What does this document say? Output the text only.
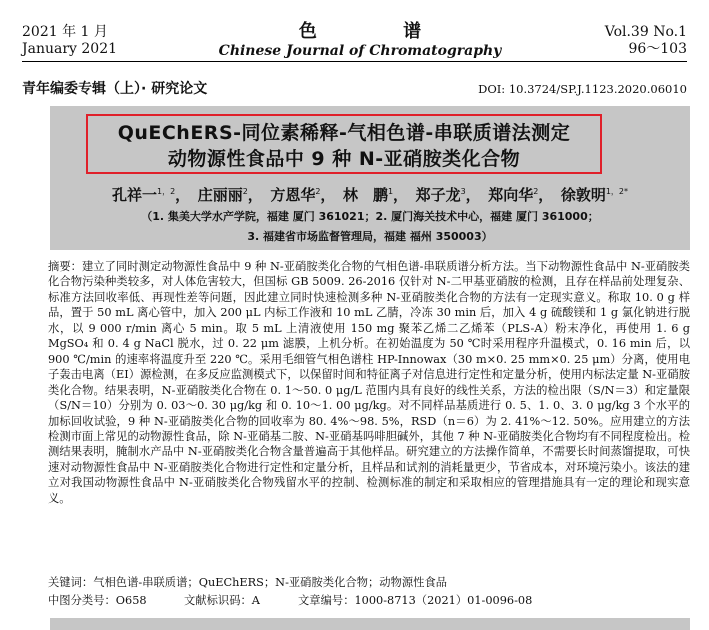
2021 年 1 月
January 2021
色 谱
Chinese Journal of Chromatography
Vol.39 No.1
96～103
青年编委专辑（上）· 研究论文	DOI: 10.3724/SP.J.1123.2020.06010
QuEChERS-同位素稀释-气相色谱-串联质谱法测定
动物源性食品中 9 种 N-亚硝胺类化合物
孔祥一$^{1,2}$，　庄丽丽$^2$，　方恩华$^2$，　林　鹏$^1$，　郑子龙$^3$，　郑向华$^2$，　徐敦明$^{1,2*}$
（1. 集美大学水产学院，福建 厦门 361021；2. 厦门海关技术中心，福建 厦门 361000；
3. 福建省市场监督管理局，福建 福州 350003）
摘要：建立了同时测定动物源性食品中 9 种 N-亚硝胺类化合物的气相色谱-串联质谱分析方法。当下动物源性食品中 N-亚硝胺类化合物污染种类较多，对人体危害较大，但国标 GB 5009. 26-2016 仅针对 N-二甲基亚硝胺的检测，且存在样品前处理复杂、标准方法回收率低、再现性差等问题，因此建立同时快速检测多种 N-亚硝胺类化合物的方法有一定现实意义。称取 10. 0 g 样品，置于 50 mL 离心管中，加入 200 μL 内标工作液和 10 mL 乙腈，冷冻 30 min 后，加入 4 g 硫酸镁和 1 g 氯化钠进行脱水，以 9 000 r/min 离心 5 min。取 5 mL 上清液使用 150 mg 聚苯乙烯二乙烯苯（PLS-A）粉末净化，再使用 1. 6 g MgSO₄ 和 0. 4 g NaCl 脱水，过 0. 22 μm 滤膜，上机分析。在初始温度为 50 ℃时采用程序升温模式，0. 16 min 后，以 900 ℃/min 的速率将温度升至 220 ℃。采用毛细管气相色谱柱 HP-Innowax（30 m×0. 25 mm×0. 25 μm）分离，使用电子轰击电离（EI）源检测，在多反应监测模式下，以保留时间和特征离子对信息进行定性和定量分析，使用内标法定量 N-亚硝胺类化合物。结果表明，N-亚硝胺类化合物在 0. 1～50. 0 μg/L 范围内具有良好的线性关系，方法的检出限（S/N＝3）和定量限（S/N＝10）分别为 0. 03～0. 30 μg/kg 和 0. 10～1. 00 μg/kg。对不同样品基质进行 0. 5、1. 0、3. 0 μg/kg 3 个水平的加标回收试验，9 种 N-亚硝胺类化合物的回收率为 80. 4%～98. 5%，RSD（n＝6）为 2. 41%～12. 50%。应用建立的方法检测市面上常见的动物源性食品，除 N-亚硝基二胺、N-亚硝基吗啡胆碱外，其他 7 种 N-亚硝胺类化合物均有不同程度检出。检测结果表明，腌制水产品中 N-亚硝胺类化合物含量普遍高于其他样品。研究建立的方法操作简单，不需要长时间蒸馏提取，可快速对动物源性食品中 N-亚硝胺类化合物进行定性和定量分析，且样品和试剂的消耗量更少，节省成本，对环境污染小。该法的建立对我国动物源性食品中 N-亚硝胺类化合物残留水平的控制、检测标准的制定和采取相应的管理措施具有一定的理论和现实意义。
关键词：气相色谱-串联质谱；QuEChERS；N-亚硝胺类化合物；动物源性食品
中图分类号：O658	文献标识码：A	文章编号：1000-8713（2021）01-0096-08
